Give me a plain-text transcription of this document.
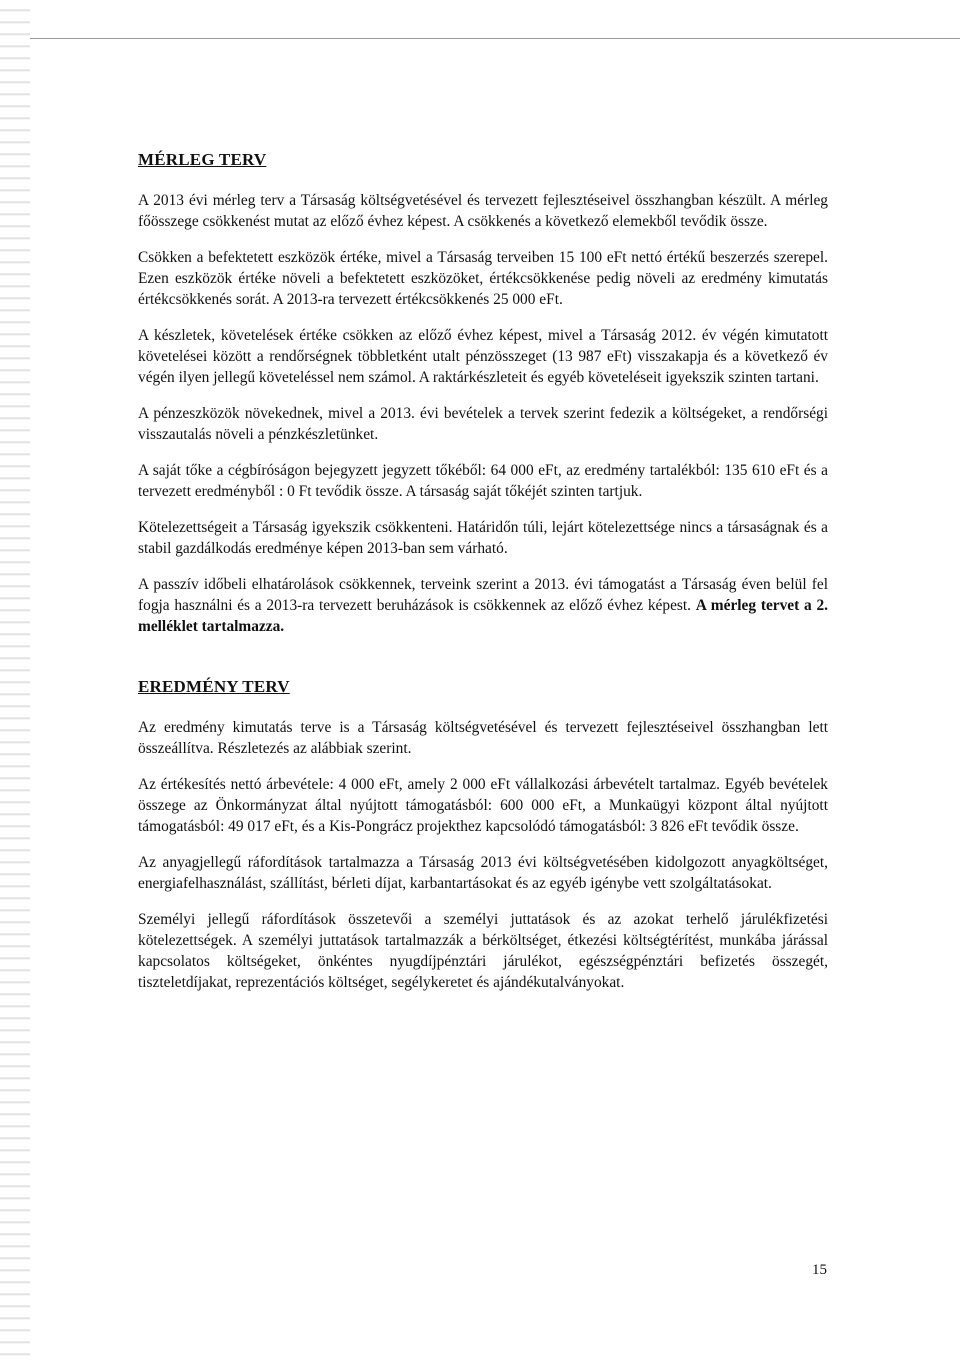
MÉRLEG TERV

A 2013 évi mérleg terv a Társaság költségvetésével és tervezett fejlesztéseivel összhangban készült. A mérleg főösszege csökkenést mutat az előző évhez képest. A csökkenés a következő elemekből tevődik össze.

Csökken a befektetett eszközök értéke, mivel a Társaság terveiben 15 100 eFt nettó értékű beszerzés szerepel. Ezen eszközök értéke növeli a befektetett eszközöket, értékcsökkenése pedig növeli az eredmény kimutatás értékcsökkenés sorát. A 2013-ra tervezett értékcsökkenés 25 000 eFt.

A készletek, követelések értéke csökken az előző évhez képest, mivel a Társaság 2012. év végén kimutatott követelései között a rendőrségnek többletként utalt pénzösszeget (13 987 eFt) visszakapja és a következő év végén ilyen jellegű követeléssel nem számol. A raktárkészleteit és egyéb követeléseit igyekszik szinten tartani.

A pénzeszközök növekednek, mivel a 2013. évi bevételek a tervek szerint fedezik a költségeket, a rendőrségi visszautalás növeli a pénzkészletünket.

A saját tőke a cégbíróságon bejegyzett jegyzett tőkéből: 64 000 eFt, az eredmény tartalékból: 135 610 eFt és a tervezett eredményből : 0 Ft tevődik össze. A társaság saját tőkéjét szinten tartjuk.

Kötelezettségeit a Társaság igyekszik csökkenteni. Határidőn túli, lejárt kötelezettsége nincs a társaságnak és a stabil gazdálkodás eredménye képen 2013-ban sem várható.

A passzív időbeli elhatárolások csökkennek, terveink szerint a 2013. évi támogatást a Társaság éven belül fel fogja használni és a 2013-ra tervezett beruházások is csökkennek az előző évhez képest. A mérleg tervet a 2. melléklet tartalmazza.

EREDMÉNY TERV

Az eredmény kimutatás terve is a Társaság költségvetésével és tervezett fejlesztéseivel összhangban lett összeállítva. Részletezés az alábbiak szerint.

Az értékesítés nettó árbevétele: 4 000 eFt, amely 2 000 eFt vállalkozási árbevételt tartalmaz. Egyéb bevételek összege az Önkormányzat által nyújtott támogatásból: 600 000 eFt, a Munkaügyi központ által nyújtott támogatásból: 49 017 eFt, és a Kis-Pongrácz projekthez kapcsolódó támogatásból: 3 826 eFt tevődik össze.

Az anyagjellegű ráfordítások tartalmazza a Társaság 2013 évi költségvetésében kidolgozott anyagköltséget, energiafelhasználást, szállítást, bérleti díjat, karbantartásokat és az egyéb igénybe vett szolgáltatásokat.

Személyi jellegű ráfordítások összetevői a személyi juttatások és az azokat terhelő járulékfizetési kötelezettségek. A személyi juttatások tartalmazzák a bérköltséget, étkezési költségtérítést, munkába járással kapcsolatos költségeket, önkéntes nyugdíjpénztári járulékot, egészségpénztári befizetés összegét, tiszteletdíjakat, reprezentációs költséget, segélykeretet és ajándékutalványokat.

15
